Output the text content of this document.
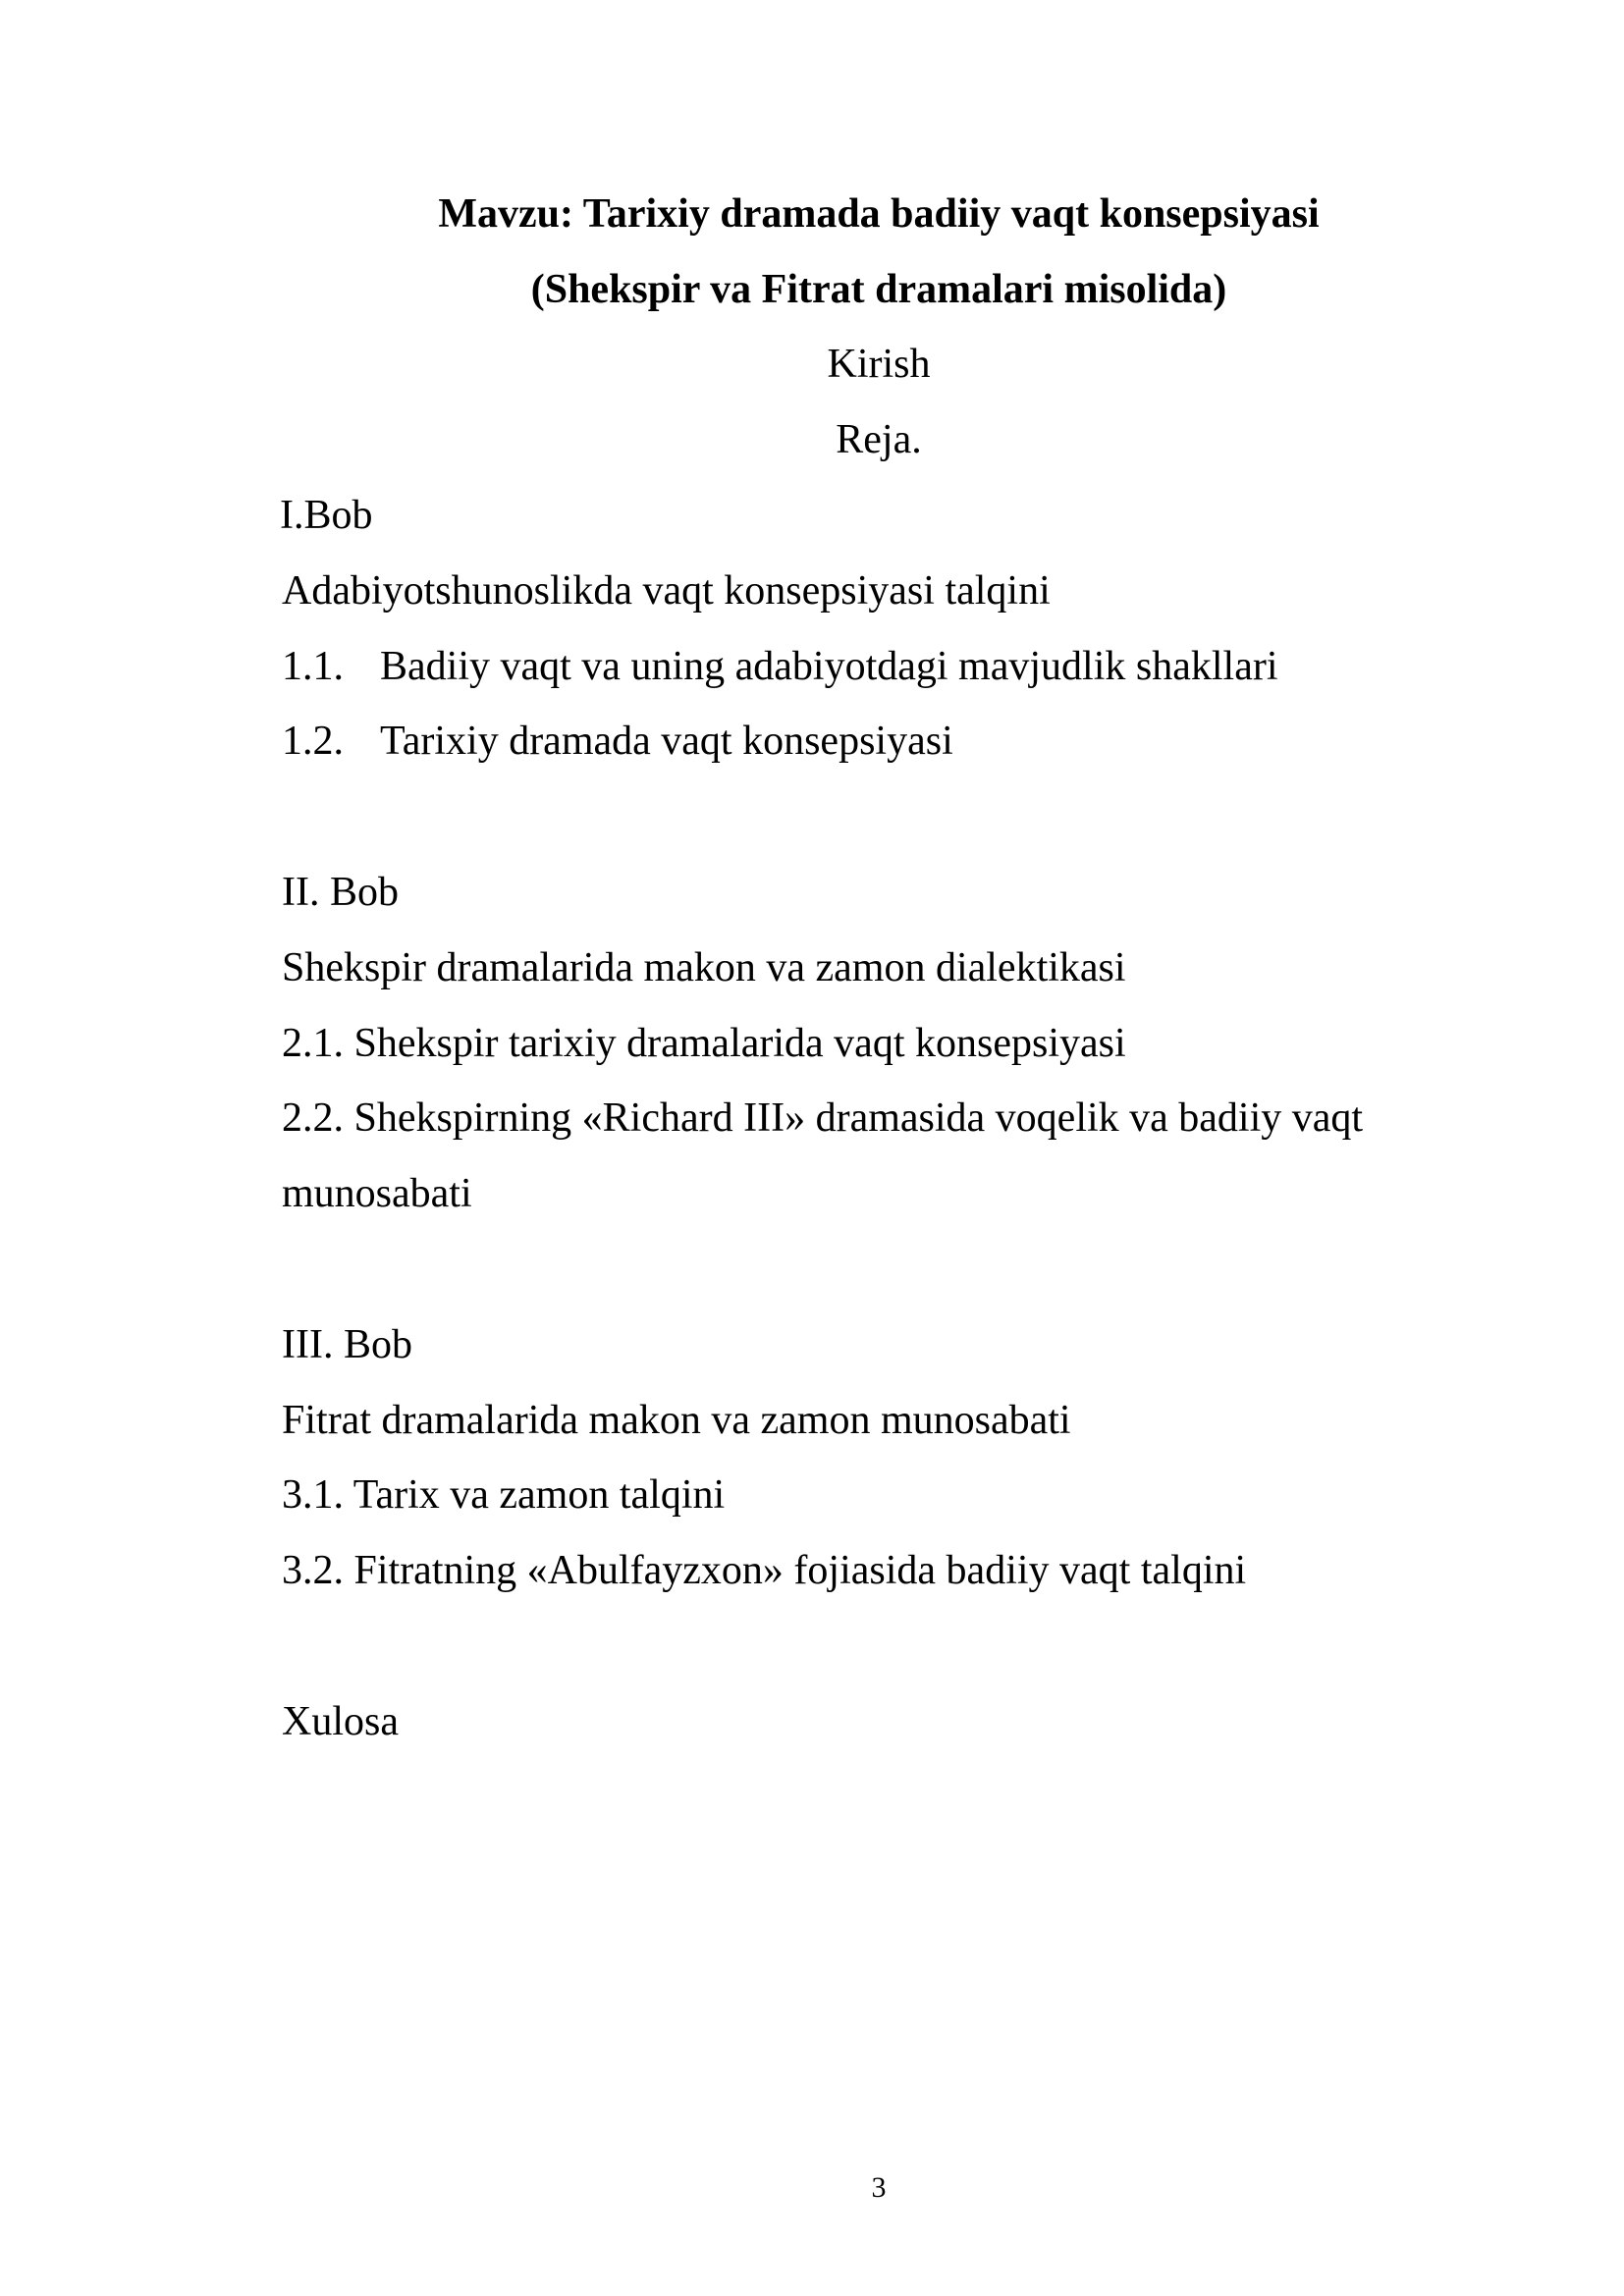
Mavzu: Tarixiy dramada badiiy vaqt konsepsiyasi
(Shekspir va Fitrat dramalari misolida)
Kirish
Reja.
I.Bob
Adabiyotshunoslikda vaqt konsepsiyasi talqini
1.1. Badiiy vaqt va uning adabiyotdagi mavjudlik shakllari
1.2. Tarixiy dramada vaqt konsepsiyasi
II. Bob
Shekspir dramalarida makon va zamon dialektikasi
2.1. Shekspir tarixiy dramalarida vaqt konsepsiyasi
2.2. Shekspirning «Richard III» dramasida voqelik va badiiy vaqt
munosabati
III. Bob
Fitrat dramalarida makon va zamon munosabati
3.1. Tarix va zamon talqini
3.2. Fitratning «Abulfayzxon» fojiasida badiiy vaqt talqini
Xulosa
3
